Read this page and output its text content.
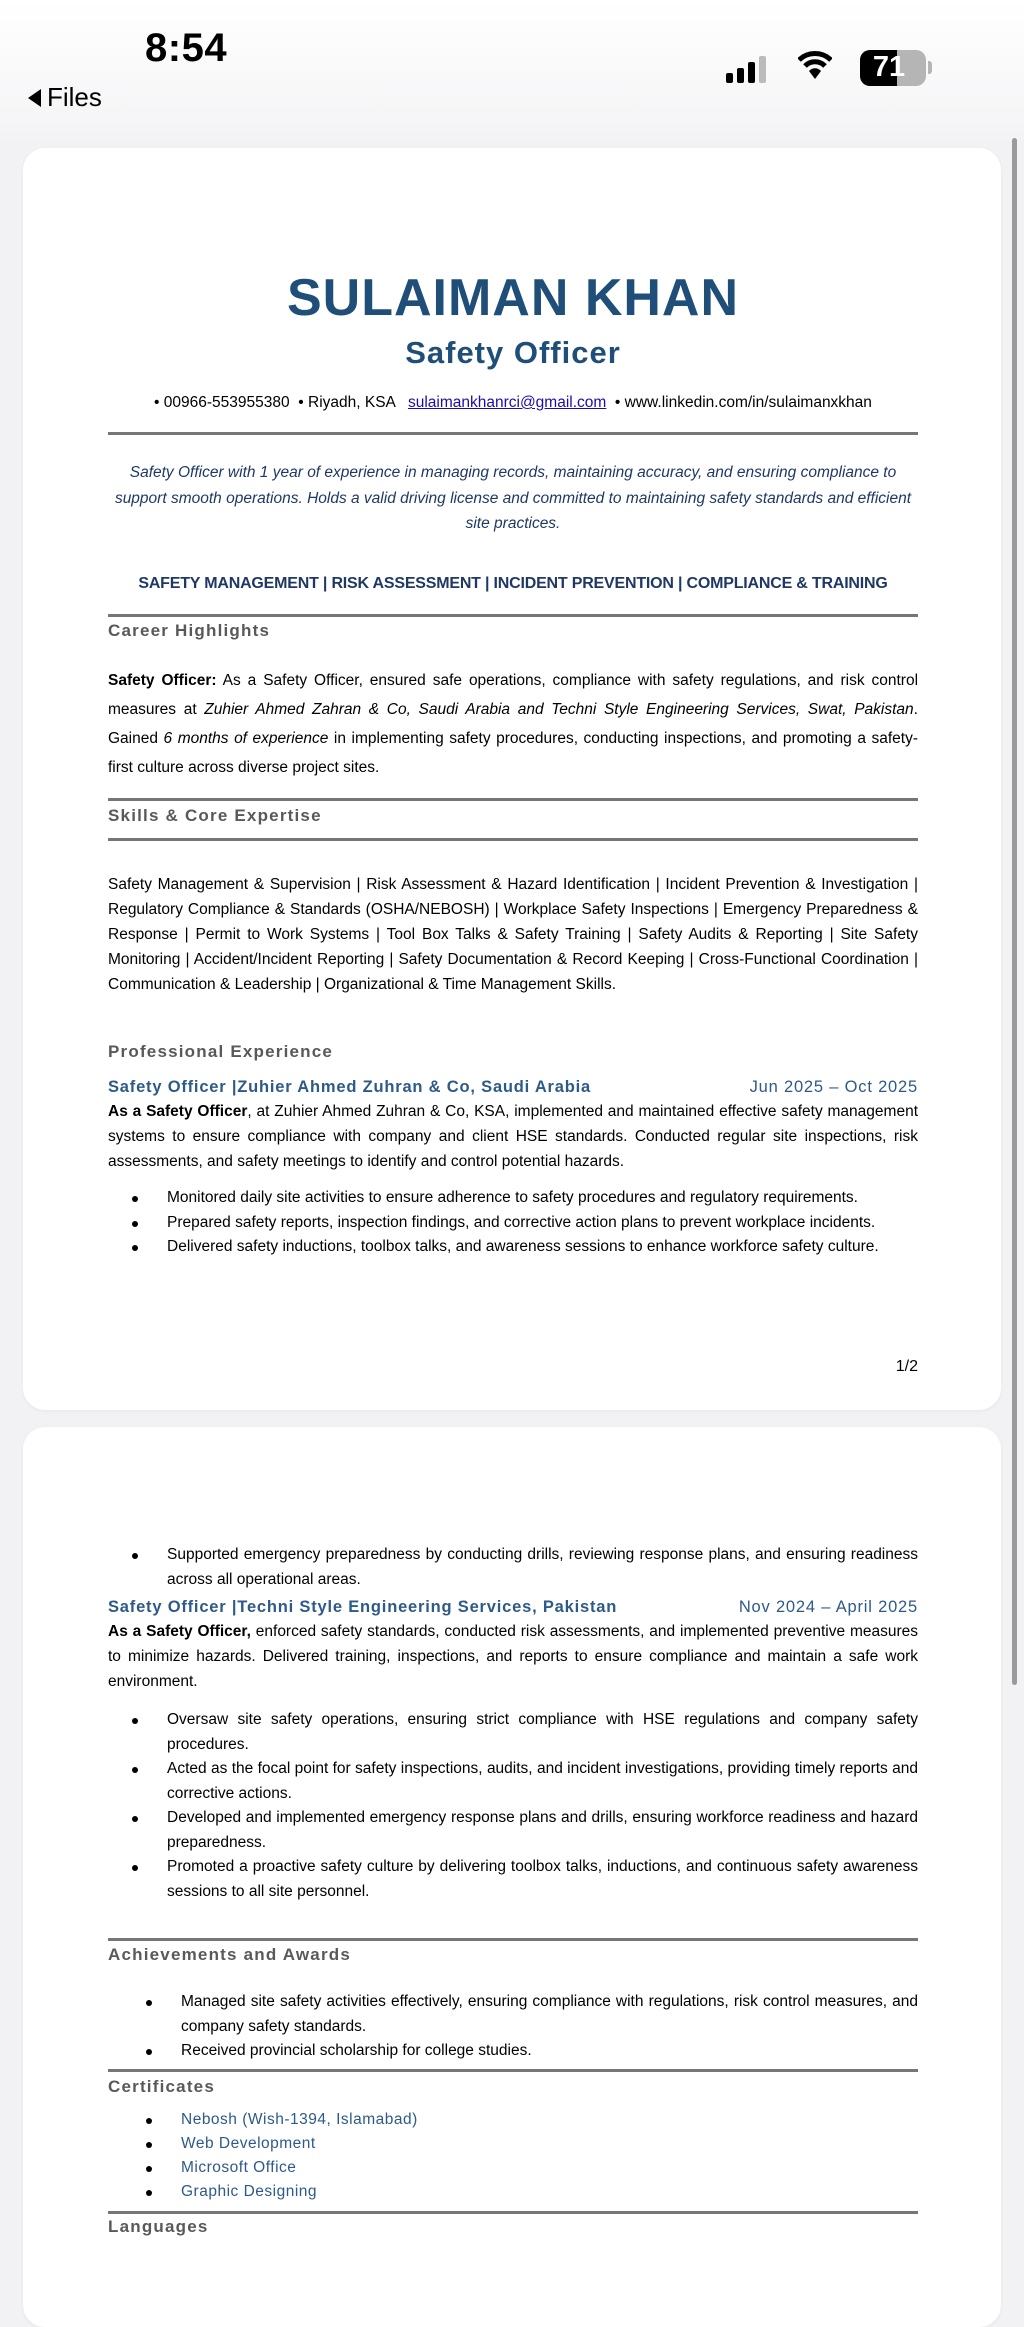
8:54
Files
71
SULAIMAN KHAN
Safety Officer
• 00966-553955380  • Riyadh, KSA sulaimankhanrci@gmail.com  • www.linkedin.com/in/sulaimanxkhan
Safety Officer with 1 year of experience in managing records, maintaining accuracy, and ensuring compliance to support smooth operations. Holds a valid driving license and committed to maintaining safety standards and efficient site practices.
SAFETY MANAGEMENT | RISK ASSESSMENT | INCIDENT PREVENTION | COMPLIANCE & TRAINING
Career Highlights
Safety Officer: As a Safety Officer, ensured safe operations, compliance with safety regulations, and risk control measures at Zuhier Ahmed Zahran & Co, Saudi Arabia and Techni Style Engineering Services, Swat, Pakistan. Gained 6 months of experience in implementing safety procedures, conducting inspections, and promoting a safety-first culture across diverse project sites.
Skills & Core Expertise
Safety Management & Supervision | Risk Assessment & Hazard Identification | Incident Prevention & Investigation | Regulatory Compliance & Standards (OSHA/NEBOSH) | Workplace Safety Inspections | Emergency Preparedness & Response | Permit to Work Systems | Tool Box Talks & Safety Training | Safety Audits & Reporting | Site Safety Monitoring | Accident/Incident Reporting | Safety Documentation & Record Keeping | Cross-Functional Coordination | Communication & Leadership | Organizational & Time Management Skills.
Professional Experience
Safety Officer |Zuhier Ahmed Zuhran & Co, Saudi Arabia	Jun 2025 – Oct 2025
As a Safety Officer, at Zuhier Ahmed Zuhran & Co, KSA, implemented and maintained effective safety management systems to ensure compliance with company and client HSE standards. Conducted regular site inspections, risk assessments, and safety meetings to identify and control potential hazards.
Monitored daily site activities to ensure adherence to safety procedures and regulatory requirements.
Prepared safety reports, inspection findings, and corrective action plans to prevent workplace incidents.
Delivered safety inductions, toolbox talks, and awareness sessions to enhance workforce safety culture.
1/2
Supported emergency preparedness by conducting drills, reviewing response plans, and ensuring readiness across all operational areas.
Safety Officer |Techni Style Engineering Services, Pakistan	Nov 2024 – April 2025
As a Safety Officer, enforced safety standards, conducted risk assessments, and implemented preventive measures to minimize hazards. Delivered training, inspections, and reports to ensure compliance and maintain a safe work environment.
Oversaw site safety operations, ensuring strict compliance with HSE regulations and company safety procedures.
Acted as the focal point for safety inspections, audits, and incident investigations, providing timely reports and corrective actions.
Developed and implemented emergency response plans and drills, ensuring workforce readiness and hazard preparedness.
Promoted a proactive safety culture by delivering toolbox talks, inductions, and continuous safety awareness sessions to all site personnel.
Achievements and Awards
Managed site safety activities effectively, ensuring compliance with regulations, risk control measures, and company safety standards.
Received provincial scholarship for college studies.
Certificates
Nebosh (Wish-1394, Islamabad)
Web Development
Microsoft Office
Graphic Designing
Languages
